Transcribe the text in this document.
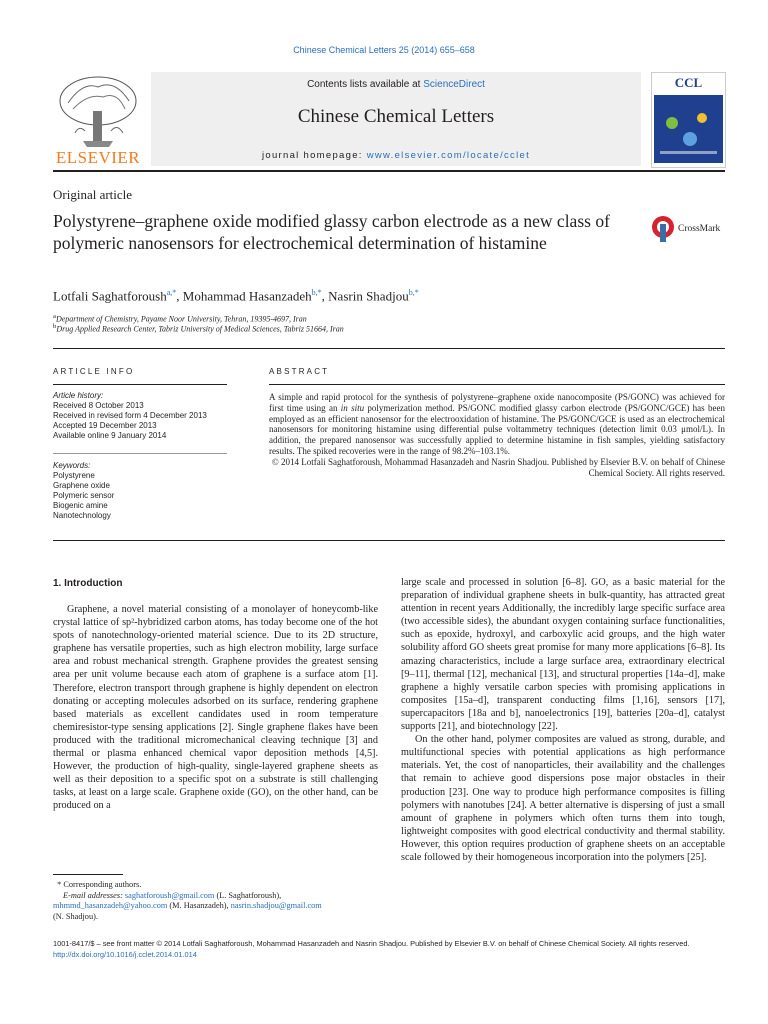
Chinese Chemical Letters 25 (2014) 655–658
ELSEVIER
Contents lists available at ScienceDirect
Chinese Chemical Letters
journal homepage: www.elsevier.com/locate/cclet
CCL
Original article
Polystyrene–graphene oxide modified glassy carbon electrode as a new class of polymeric nanosensors for electrochemical determination of histamine
CrossMark
Lotfali Saghatforoush$^{a,*}$, Mohammad Hasanzadeh$^{b,*}$, Nasrin Shadjou$^{b,*}$
$^a$Department of Chemistry, Payame Noor University, Tehran, 19395-4697, Iran
$^b$Drug Applied Research Center, Tabriz University of Medical Sciences, Tabriz 51664, Iran
ARTICLE INFO	ABSTRACT
Article history:
Received 8 October 2013
Received in revised form 4 December 2013
Accepted 19 December 2013
Available online 9 January 2014
Keywords:
Polystyrene
Graphene oxide
Polymeric sensor
Biogenic amine
Nanotechnology
A simple and rapid protocol for the synthesis of polystyrene–graphene oxide nanocomposite (PS/GONC) was achieved for first time using an in situ polymerization method. PS/GONC modified glassy carbon electrode (PS/GONC/GCE) has been employed as an efficient nanosensor for the electrooxidation of histamine. The PS/GONC/GCE is used as an electrochemical nanosensors for monitoring histamine using differential pulse voltammetry techniques (detection limit 0.03 μmol/L). In addition, the prepared nanosensor was successfully applied to determine histamine in fish samples, yielding satisfactory results. The spiked recoveries were in the range of 98.2%–103.1%.
© 2014 Lotfali Saghatforoush, Mohammad Hasanzadeh and Nasrin Shadjou. Published by Elsevier B.V. on behalf of Chinese Chemical Society. All rights reserved.
1. Introduction

Graphene, a novel material consisting of a monolayer of honeycomb-like crystal lattice of sp²-hybridized carbon atoms, has today become one of the hot spots of nanotechnology-oriented material science. Due to its 2D structure, graphene has versatile properties, such as high electron mobility, large surface area and robust mechanical strength. Graphene provides the greatest sensing area per unit volume because each atom of graphene is a surface atom [1]. Therefore, electron transport through graphene is highly dependent on electron donating or accepting molecules adsorbed on its surface, rendering graphene based materials as excellent candidates used in room temperature chemiresistor-type sensing applications [2]. Single graphene flakes have been produced with the traditional micromechanical cleaving technique [3] and thermal or plasma enhanced chemical vapor deposition methods [4,5]. However, the production of high-quality, single-layered graphene sheets as well as their deposition to a specific spot on a substrate is still challenging tasks, at least on a large scale. Graphene oxide (GO), on the other hand, can be produced on a

large scale and processed in solution [6–8]. GO, as a basic material for the preparation of individual graphene sheets in bulk-quantity, has attracted great attention in recent years Additionally, the incredibly large specific surface area (two accessible sides), the abundant oxygen containing surface functionalities, such as epoxide, hydroxyl, and carboxylic acid groups, and the high water solubility afford GO sheets great promise for many more applications [6–8]. Its amazing characteristics, include a large surface area, extraordinary electrical [9–11], thermal [12], mechanical [13], and structural properties [14a–d], make graphene a highly versatile carbon species with promising applications in composites [15a–d], transparent conducting films [1,16], sensors [17], supercapacitors [18a and b], nanoelectronics [19], batteries [20a–d], catalyst supports [21], and biotechnology [22].

On the other hand, polymer composites are valued as strong, durable, and multifunctional species with potential applications as high performance materials. Yet, the cost of nanoparticles, their availability and the challenges that remain to achieve good dispersions pose major obstacles in their production [23]. One way to produce high performance composites is filling polymers with nanotubes [24]. A better alternative is dispersing of just a small amount of graphene in polymers which often turns them into tough, lightweight composites with good electrical conductivity and thermal stability. However, this option requires production of graphene sheets on an acceptable scale followed by their homogeneous incorporation into the polymers [25].

* Corresponding authors.
E-mail addresses: saghatforoush@gmail.com (L. Saghatforoush),
mhmmd_hasanzadeh@yahoo.com (M. Hasanzadeh), nasrin.shadjou@gmail.com
(N. Shadjou).
1001-8417/$ – see front matter © 2014 Lotfali Saghatforoush, Mohammad Hasanzadeh and Nasrin Shadjou. Published by Elsevier B.V. on behalf of Chinese Chemical Society. All rights reserved.
http://dx.doi.org/10.1016/j.cclet.2014.01.014
